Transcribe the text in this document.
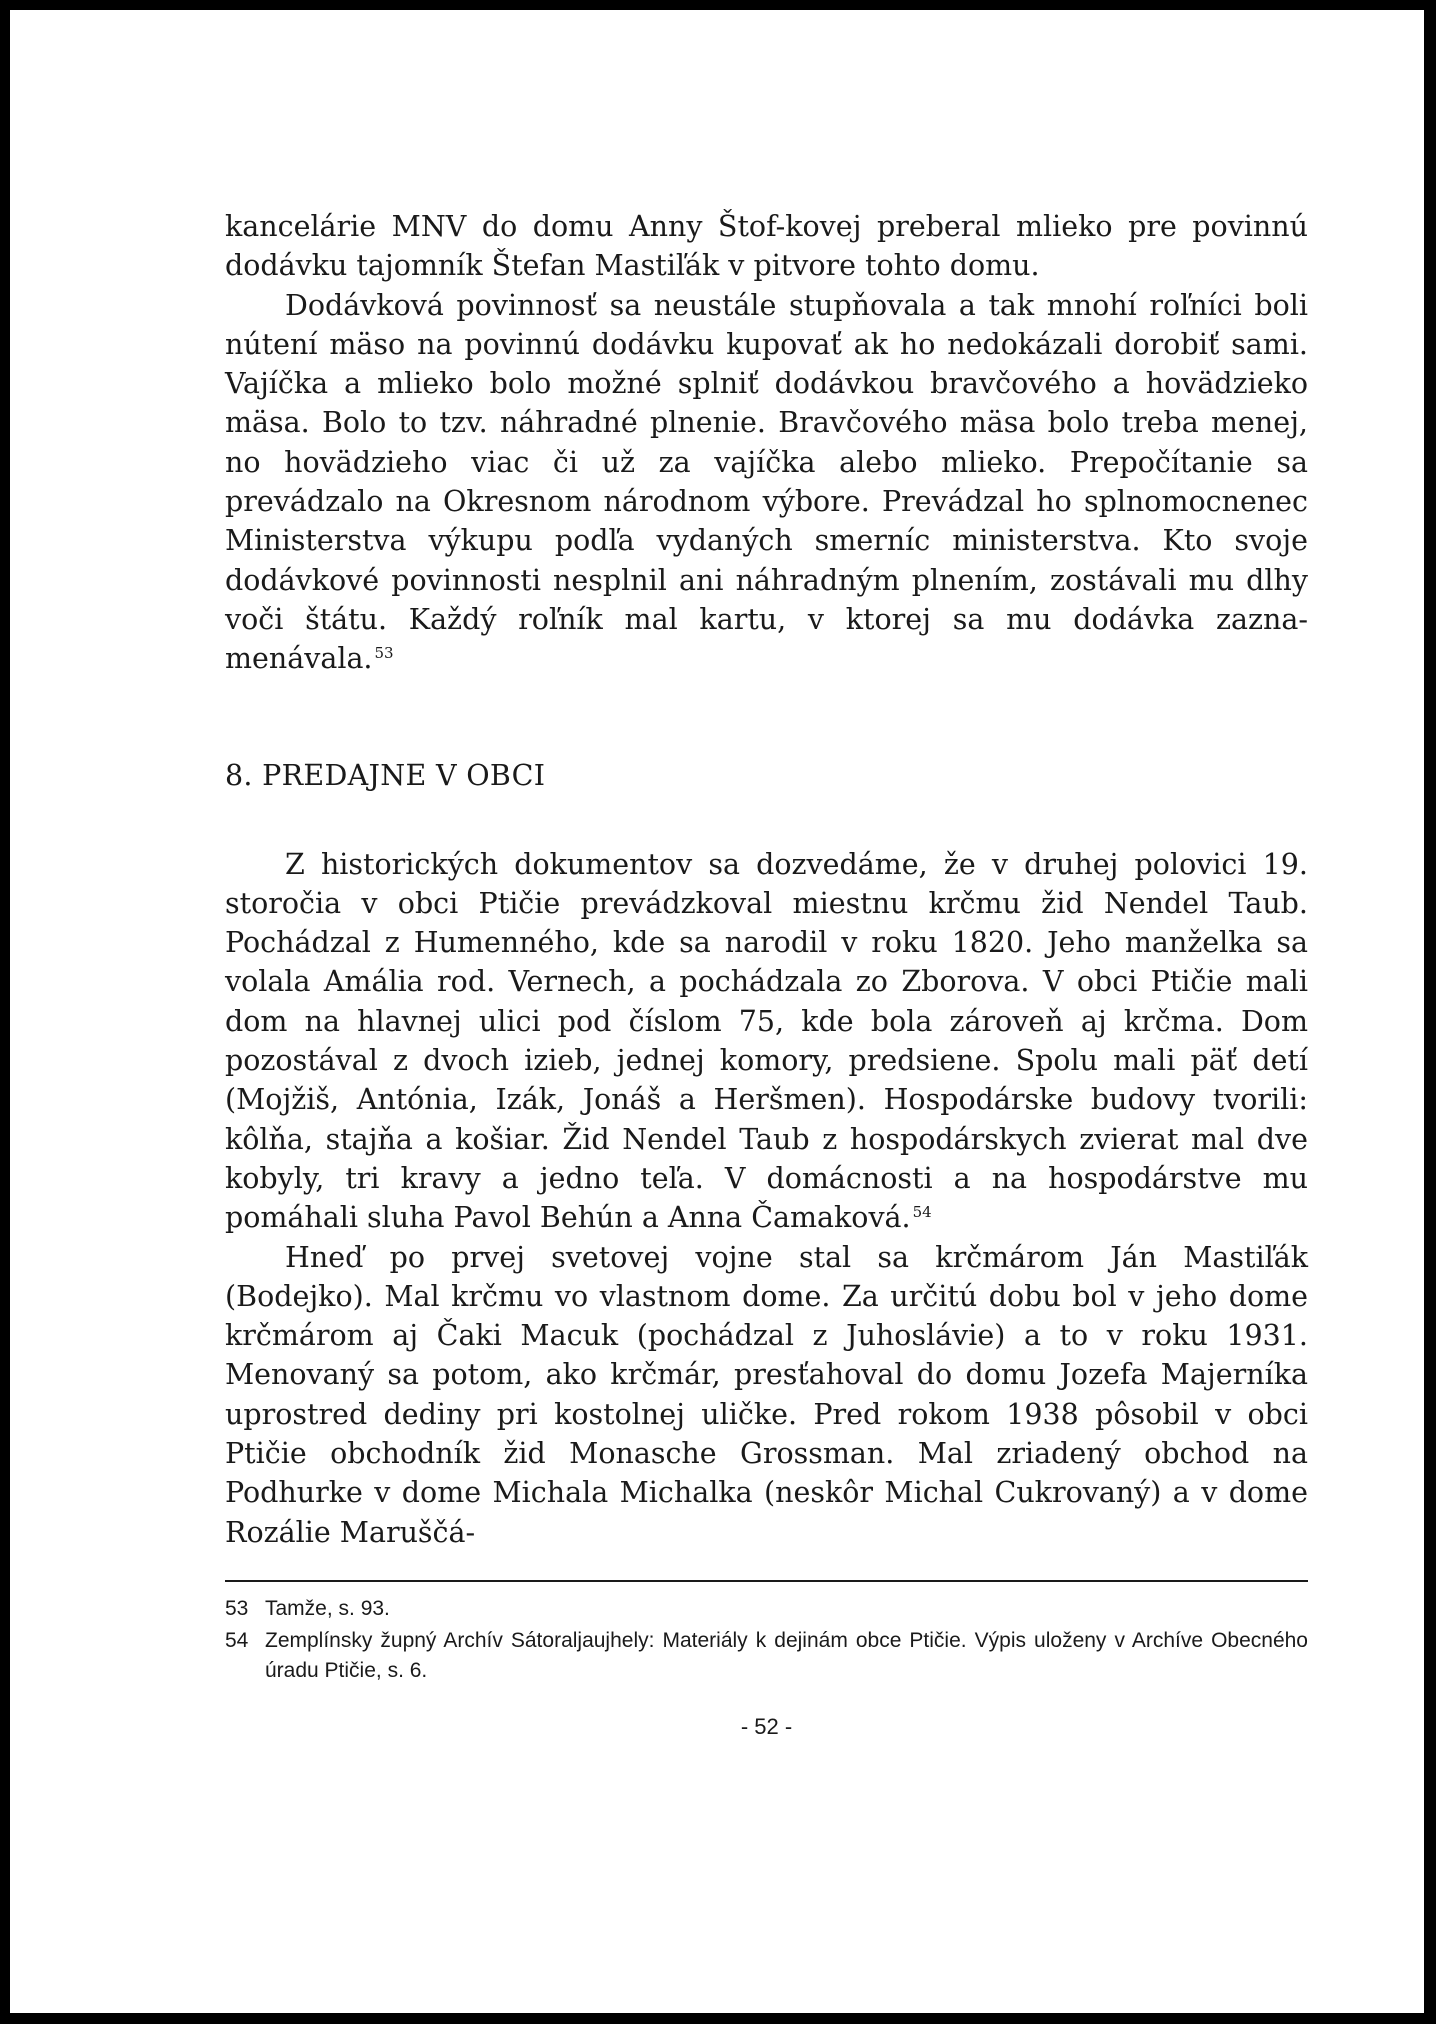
kancelárie MNV do domu Anny Štof-kovej preberal mlieko pre povinnú dodávku tajomník Štefan Mastiľák v pitvore tohto domu.

Dodávková povinnosť sa neustále stupňovala a tak mnohí roľníci boli nútení mäso na povinnú dodávku kupovať ak ho nedokázali dorobiť sami. Vajíčka a mlieko bolo možné splniť dodávkou bravčového a hovädzieko mäsa. Bolo to tzv. náhradné plnenie. Bravčového mäsa bolo treba menej, no hovädzieho viac či už za vajíčka alebo mlieko. Prepočítanie sa prevádzalo na Okresnom národnom výbore. Prevádzal ho splnomocnenec Ministerstva výkupu podľa vydaných smerníc ministerstva. Kto svoje dodávkové povinnosti nesplnil ani náhradným plnením, zostávali mu dlhy voči štátu. Každý roľník mal kartu, v ktorej sa mu dodávka zaznamenávala. $^{53}$

8. PREDAJNE V OBCI

Z historických dokumentov sa dozvedáme, že v druhej polovici 19. storočia v obci Ptičie prevádzkoval miestnu krčmu žid Nendel Taub. Pochádzal z Humenného, kde sa narodil v roku 1820. Jeho manželka sa volala Amália rod. Vernech, a pochádzala zo Zborova. V obci Ptičie mali dom na hlavnej ulici pod číslom 75, kde bola zároveň aj krčma. Dom pozostával z dvoch izieb, jednej komory, predsiene. Spolu mali päť detí (Mojžiš, Antónia, Izák, Jonáš a Heršmen). Hospodárske budovy tvorili: kôlňa, stajňa a košiar. Žid Nendel Taub z hospodárskych zvierat mal dve kobyly, tri kravy a jedno teľa. V domácnosti a na hospodárstve mu pomáhali sluha Pavol Behún a Anna Čamaková. $^{54}$

Hneď po prvej svetovej vojne stal sa krčmárom Ján Mastiľák (Bodejko). Mal krčmu vo vlastnom dome. Za určitú dobu bol v jeho dome krčmárom aj Čaki Macuk (pochádzal z Juhoslávie) a to v roku 1931. Menovaný sa potom, ako krčmár, presťahoval do domu Jozefa Majerníka uprostred dediny pri kostolnej uličke. Pred rokom 1938 pôsobil v obci Ptičie obchodník žid Monasche Grossman. Mal zriadený obchod na Podhurke v dome Michala Michalka (neskôr Michal Cukrovaný) a v dome Rozálie Maruščá-

53 Tamže, s. 93.
54 Zemplínsky župný Archív Sátoraljaujhely: Materiály k dejinám obce Ptičie. Výpis uloženy v Archíve Obecného úradu Ptičie, s. 6.
- 52 -
